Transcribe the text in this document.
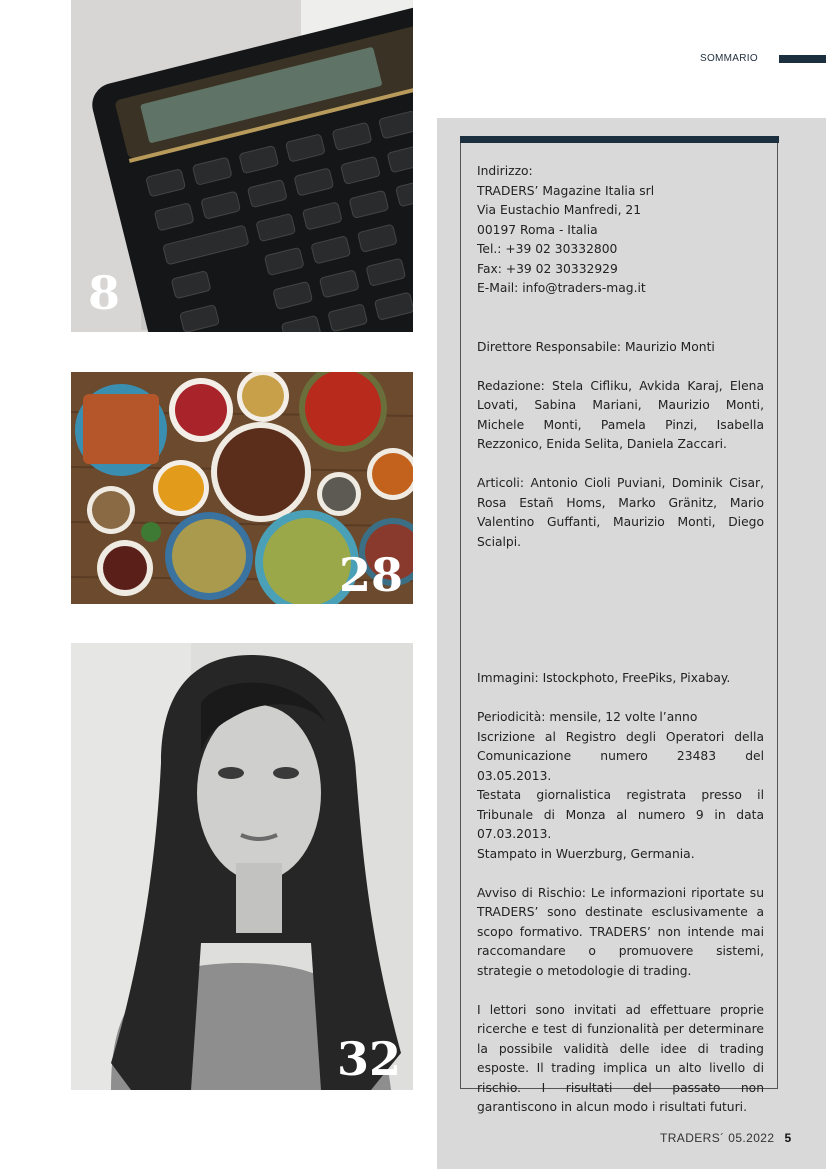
SOMMARIO
8
28
32

Indirizzo:

TRADERS’ Magazine Italia srl

Via Eustachio Manfredi, 21

00197 Roma - Italia

Tel.: +39 02 30332800

Fax: +39 02 30332929

E-Mail: info@traders-mag.it

Direttore Responsabile: Maurizio Monti

Redazione: Stela Cifliku, Avkida Karaj, Elena Lovati, Sabina Mariani, Maurizio Monti, Michele Monti, Pamela Pinzi, Isabella Rezzonico, Enida Selita, Daniela Zaccari.

Articoli: Antonio Cioli Puviani, Dominik Cisar, Rosa Estañ Homs, Marko Gränitz, Mario Valentino Guffanti, Maurizio Monti, Diego Scialpi.

Immagini: Istockphoto, FreePiks, Pixabay.

Periodicità: mensile, 12 volte l’anno

Iscrizione al Registro degli Operatori della Comunicazione numero 23483 del 03.05.2013.

Testata giornalistica registrata presso il Tribunale di Monza al numero 9 in data 07.03.2013.

Stampato in Wuerzburg, Germania.

Avviso di Rischio: Le informazioni riportate su TRADERS’ sono destinate esclusivamente a scopo formativo. TRADERS’ non intende mai raccomandare o promuovere sistemi, strategie o metodologie di trading.

I lettori sono invitati ad effettuare proprie ricerche e test di funzionalità per determinare la possibile validità delle idee di trading esposte. Il trading implica un alto livello di rischio. I risultati del passato non garantiscono in alcun modo i risultati futuri.

TRADERS´ 05.2022 5
